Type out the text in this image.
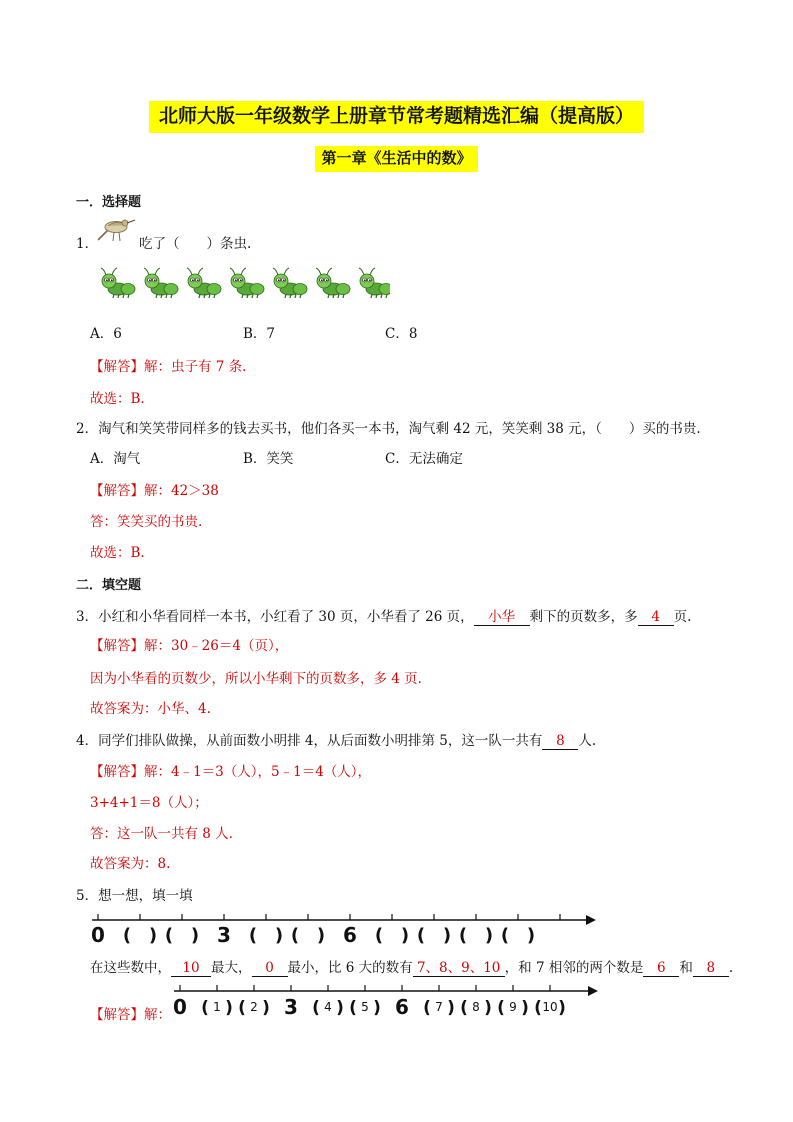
北师大版一年级数学上册章节常考题精选汇编（提高版）
第一章《生活中的数》
一．选择题
1．	吃了（　　）条虫.
A．6	B．7	C．8
【解答】解：虫子有 7 条.
故选：B.
2．淘气和笑笑带同样多的钱去买书，他们各买一本书，淘气剩 42 元，笑笑剩 38 元，（　　）买的书贵.
A．淘气	B．笑笑	C．无法确定
【解答】解：42＞38
答：笑笑买的书贵.
故选：B.
二．填空题
3．小红和小华看同样一本书，小红看了 30 页，小华看了 26 页， 小华 剩下的页数多，多 4 页.
【解答】解：30﹣26＝4（页），
因为小华看的页数少，所以小华剩下的页数多，多 4 页.
故答案为：小华、4.
4．同学们排队做操，从前面数小明排 4，从后面数小明排第 5，这一队一共有 8 人.
【解答】解：4﹣1＝3（人），5﹣1＝4（人），
3+4+1＝8（人）；
答：这一队一共有 8 人.
故答案为：8.
5．想一想，填一填
0	3	6
( ) ( )	( ) ( )	( ) ( ) ( ) ( )
在这些数中， 10 最大， 0 最小，比 6 大的数有 7、8、9、10 ，和 7 相邻的两个数是 6 和 8 .
【解答】解： 0	3	6
( 1 ) ( 2 ) ( 4 ) ( 5 ) ( 7 ) ( 8 ) ( 9 ) ( 10 )
